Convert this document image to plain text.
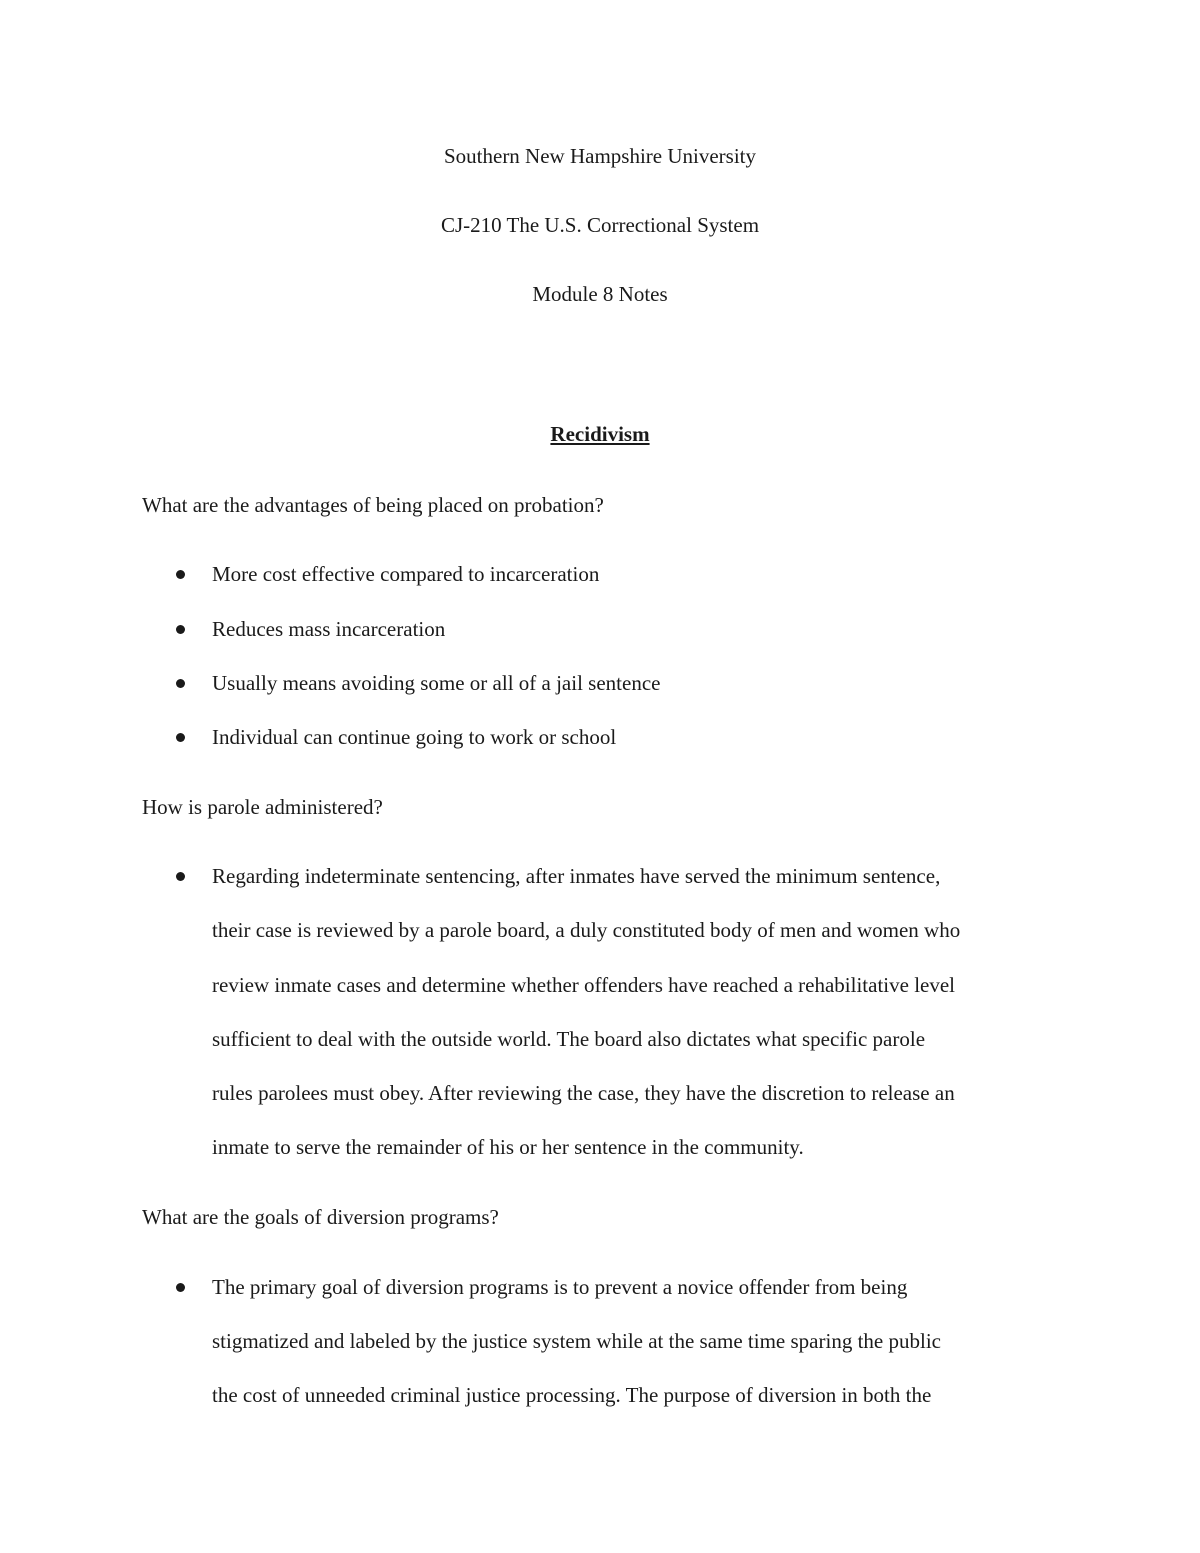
Southern New Hampshire University
CJ-210 The U.S. Correctional System
Module 8 Notes
Recidivism
What are the advantages of being placed on probation?
More cost effective compared to incarceration
Reduces mass incarceration
Usually means avoiding some or all of a jail sentence
Individual can continue going to work or school
How is parole administered?
Regarding indeterminate sentencing, after inmates have served the minimum sentence,
their case is reviewed by a parole board, a duly constituted body of men and women who
review inmate cases and determine whether offenders have reached a rehabilitative level
sufficient to deal with the outside world. The board also dictates what specific parole
rules parolees must obey. After reviewing the case, they have the discretion to release an
inmate to serve the remainder of his or her sentence in the community.
What are the goals of diversion programs?
The primary goal of diversion programs is to prevent a novice offender from being
stigmatized and labeled by the justice system while at the same time sparing the public
the cost of unneeded criminal justice processing. The purpose of diversion in both the
